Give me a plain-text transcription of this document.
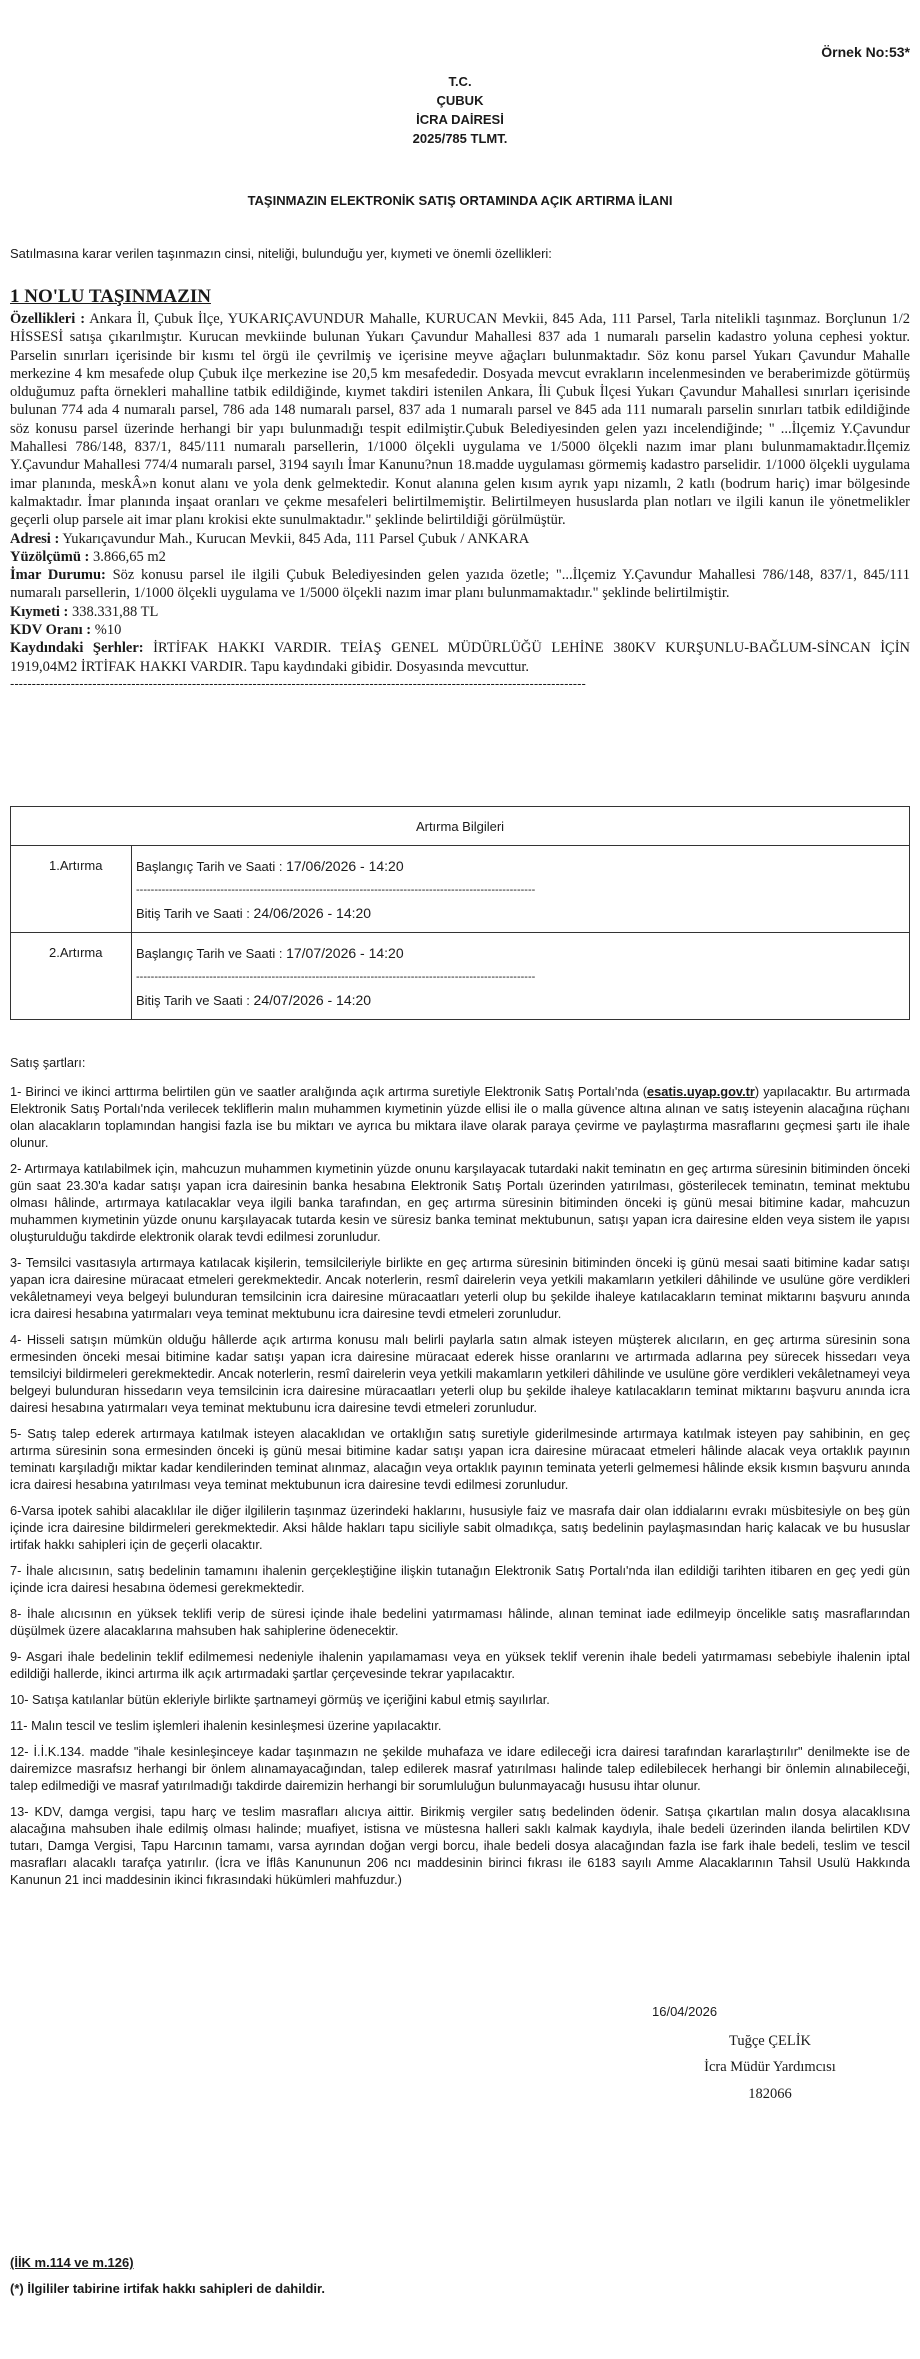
Örnek No:53*
T.C.
ÇUBUK
İCRA DAİRESİ
2025/785 TLMT.
TAŞINMAZIN ELEKTRONİK SATIŞ ORTAMINDA AÇIK ARTIRMA İLANI
Satılmasına karar verilen taşınmazın cinsi, niteliği, bulunduğu yer, kıymeti ve önemli özellikleri:
1 NO'LU TAŞINMAZIN
Özellikleri : Ankara İl, Çubuk İlçe, YUKARIÇAVUNDUR Mahalle, KURUCAN Mevkii, 845 Ada, 111 Parsel, Tarla nitelikli taşınmaz. Borçlunun 1/2 HİSSESİ satışa çıkarılmıştır. Kurucan mevkiinde bulunan Yukarı Çavundur Mahallesi 837 ada 1 numaralı parselin kadastro yoluna cephesi yoktur. Parselin sınırları içerisinde bir kısmı tel örgü ile çevrilmiş ve içerisine meyve ağaçları bulunmaktadır. Söz konu parsel Yukarı Çavundur Mahalle merkezine 4 km mesafede olup Çubuk ilçe merkezine ise 20,5 km mesafededir. Dosyada mevcut evrakların incelenmesinden ve beraberimizde götürmüş olduğumuz pafta örnekleri mahalline tatbik edildiğinde, kıymet takdiri istenilen Ankara, İli Çubuk İlçesi Yukarı Çavundur Mahallesi sınırları içerisinde bulunan 774 ada 4 numaralı parsel, 786 ada 148 numaralı parsel, 837 ada 1 numaralı parsel ve 845 ada 111 numaralı parselin sınırları tatbik edildiğinde söz konusu parsel üzerinde herhangi bir yapı bulunmadığı tespit edilmiştir.Çubuk Belediyesinden gelen yazı incelendiğinde; " ...İlçemiz Y.Çavundur Mahallesi 786/148, 837/1, 845/111 numaralı parsellerin, 1/1000 ölçekli uygulama ve 1/5000 ölçekli nazım imar planı bulunmamaktadır.İlçemiz Y.Çavundur Mahallesi 774/4 numaralı parsel, 3194 sayılı İmar Kanunu?nun 18.madde uygulaması görmemiş kadastro parselidir. 1/1000 ölçekli uygulama imar planında, meskÂ»n konut alanı ve yola denk gelmektedir. Konut alanına gelen kısım ayrık yapı nizamlı, 2 katlı (bodrum hariç) imar bölgesinde kalmaktadır. İmar planında inşaat oranları ve çekme mesafeleri belirtilmemiştir. Belirtilmeyen hususlarda plan notları ve ilgili kanun ile yönetmelikler geçerli olup parsele ait imar planı krokisi ekte sunulmaktadır." şeklinde belirtildiği görülmüştür.
Adresi : Yukarıçavundur Mah., Kurucan Mevkii, 845 Ada, 111 Parsel Çubuk / ANKARA
Yüzölçümü : 3.866,65 m2
İmar Durumu: Söz konusu parsel ile ilgili Çubuk Belediyesinden gelen yazıda özetle; "...İlçemiz Y.Çavundur Mahallesi 786/148, 837/1, 845/111 numaralı parsellerin, 1/1000 ölçekli uygulama ve 1/5000 ölçekli nazım imar planı bulunmamaktadır." şeklinde belirtilmiştir.
Kıymeti : 338.331,88 TL
KDV Oranı : %10
Kaydındaki Şerhler: İRTİFAK HAKKI VARDIR. TEİAŞ GENEL MÜDÜRLÜĞÜ LEHİNE 380KV KURŞUNLU-BAĞLUM-SİNCAN İÇİN 1919,04M2 İRTİFAK HAKKI VARDIR. Tapu kaydındaki gibidir. Dosyasında mevcuttur.
-------------------------------------------------------------------------------------------------------------------------------------
Artırma Bilgileri	
1.Artırma	Başlangıç Tarih ve Saati : 17/06/2026 - 14:20
-------------------------------------------------------------------------------------------------------------
Bitiş Tarih ve Saati : 24/06/2026 - 14:20

2.Artırma	Başlangıç Tarih ve Saati : 17/07/2026 - 14:20
-------------------------------------------------------------------------------------------------------------
Bitiş Tarih ve Saati : 24/07/2026 - 14:20

Satış şartları:

1- Birinci ve ikinci arttırma belirtilen gün ve saatler aralığında açık artırma suretiyle Elektronik Satış Portalı'nda (esatis.uyap.gov.tr) yapılacaktır. Bu artırmada Elektronik Satış Portalı'nda verilecek tekliflerin malın muhammen kıymetinin yüzde ellisi ile o malla güvence altına alınan ve satış isteyenin alacağına rüçhanı olan alacakların toplamından hangisi fazla ise bu miktarı ve ayrıca bu miktara ilave olarak paraya çevirme ve paylaştırma masraflarını geçmesi şartı ile ihale olunur.

2- Artırmaya katılabilmek için, mahcuzun muhammen kıymetinin yüzde onunu karşılayacak tutardaki nakit teminatın en geç artırma süresinin bitiminden önceki gün saat 23.30'a kadar satışı yapan icra dairesinin banka hesabına Elektronik Satış Portalı üzerinden yatırılması, gösterilecek teminatın, teminat mektubu olması hâlinde, artırmaya katılacaklar veya ilgili banka tarafından, en geç artırma süresinin bitiminden önceki iş günü mesai bitimine kadar, mahcuzun muhammen kıymetinin yüzde onunu karşılayacak tutarda kesin ve süresiz banka teminat mektubunun, satışı yapan icra dairesine elden veya sistem ile yapısı oluşturulduğu takdirde elektronik olarak tevdi edilmesi zorunludur.

3- Temsilci vasıtasıyla artırmaya katılacak kişilerin, temsilcileriyle birlikte en geç artırma süresinin bitiminden önceki iş günü mesai saati bitimine kadar satışı yapan icra dairesine müracaat etmeleri gerekmektedir. Ancak noterlerin, resmî dairelerin veya yetkili makamların yetkileri dâhilinde ve usulüne göre verdikleri vekâletnameyi veya belgeyi bulunduran temsilcinin icra dairesine müracaatları yeterli olup bu şekilde ihaleye katılacakların teminat miktarını başvuru anında icra dairesi hesabına yatırmaları veya teminat mektubunu icra dairesine tevdi etmeleri zorunludur.

4- Hisseli satışın mümkün olduğu hâllerde açık artırma konusu malı belirli paylarla satın almak isteyen müşterek alıcıların, en geç artırma süresinin sona ermesinden önceki mesai bitimine kadar satışı yapan icra dairesine müracaat ederek hisse oranlarını ve artırmada adlarına pey sürecek hissedarı veya temsilciyi bildirmeleri gerekmektedir. Ancak noterlerin, resmî dairelerin veya yetkili makamların yetkileri dâhilinde ve usulüne göre verdikleri vekâletnameyi veya belgeyi bulunduran hissedarın veya temsilcinin icra dairesine müracaatları yeterli olup bu şekilde ihaleye katılacakların teminat miktarını başvuru anında icra dairesi hesabına yatırmaları veya teminat mektubunu icra dairesine tevdi etmeleri zorunludur.

5- Satış talep ederek artırmaya katılmak isteyen alacaklıdan ve ortaklığın satış suretiyle giderilmesinde artırmaya katılmak isteyen pay sahibinin, en geç artırma süresinin sona ermesinden önceki iş günü mesai bitimine kadar satışı yapan icra dairesine müracaat etmeleri hâlinde alacak veya ortaklık payının teminatı karşıladığı miktar kadar kendilerinden teminat alınmaz, alacağın veya ortaklık payının teminata yeterli gelmemesi hâlinde eksik kısmın başvuru anında icra dairesi hesabına yatırılması veya teminat mektubunun icra dairesine tevdi edilmesi zorunludur.

6-Varsa ipotek sahibi alacaklılar ile diğer ilgililerin taşınmaz üzerindeki haklarını, hususiyle faiz ve masrafa dair olan iddialarını evrakı müsbitesiyle on beş gün içinde icra dairesine bildirmeleri gerekmektedir. Aksi hâlde hakları tapu siciliyle sabit olmadıkça, satış bedelinin paylaşmasından hariç kalacak ve bu hususlar irtifak hakkı sahipleri için de geçerli olacaktır.

7- İhale alıcısının, satış bedelinin tamamını ihalenin gerçekleştiğine ilişkin tutanağın Elektronik Satış Portalı'nda ilan edildiği tarihten itibaren en geç yedi gün içinde icra dairesi hesabına ödemesi gerekmektedir.

8- İhale alıcısının en yüksek teklifi verip de süresi içinde ihale bedelini yatırmaması hâlinde, alınan teminat iade edilmeyip öncelikle satış masraflarından düşülmek üzere alacaklarına mahsuben hak sahiplerine ödenecektir.

9- Asgari ihale bedelinin teklif edilmemesi nedeniyle ihalenin yapılamaması veya en yüksek teklif verenin ihale bedeli yatırmaması sebebiyle ihalenin iptal edildiği hallerde, ikinci artırma ilk açık artırmadaki şartlar çerçevesinde tekrar yapılacaktır.

10- Satışa katılanlar bütün ekleriyle birlikte şartnameyi görmüş ve içeriğini kabul etmiş sayılırlar.

11- Malın tescil ve teslim işlemleri ihalenin kesinleşmesi üzerine yapılacaktır.

12- İ.İ.K.134. madde "ihale kesinleşinceye kadar taşınmazın ne şekilde muhafaza ve idare edileceği icra dairesi tarafından kararlaştırılır" denilmekte ise de dairemizce masrafsız herhangi bir önlem alınamayacağından, talep edilerek masraf yatırılması halinde talep edilebilecek herhangi bir önlemin alınabileceği, talep edilmediği ve masraf yatırılmadığı takdirde dairemizin herhangi bir sorumluluğun bulunmayacağı hususu ihtar olunur.

13- KDV, damga vergisi, tapu harç ve teslim masrafları alıcıya aittir. Birikmiş vergiler satış bedelinden ödenir. Satışa çıkartılan malın dosya alacaklısına alacağına mahsuben ihale edilmiş olması halinde; muafiyet, istisna ve müstesna halleri saklı kalmak kaydıyla, ihale bedeli üzerinden ilanda belirtilen KDV tutarı, Damga Vergisi, Tapu Harcının tamamı, varsa ayrından doğan vergi borcu, ihale bedeli dosya alacağından fazla ise fark ihale bedeli, teslim ve tescil masrafları alacaklı tarafça yatırılır. (İcra ve İflâs Kanununun 206 ncı maddesinin birinci fıkrası ile 6183 sayılı Amme Alacaklarının Tahsil Usulü Hakkında Kanunun 21 inci maddesinin ikinci fıkrasındaki hükümleri mahfuzdur.)

16/04/2026
Tuğçe ÇELİK
İcra Müdür Yardımcısı
182066
(İİK m.114 ve m.126)
(*) İlgililer tabirine irtifak hakkı sahipleri de dahildir.
